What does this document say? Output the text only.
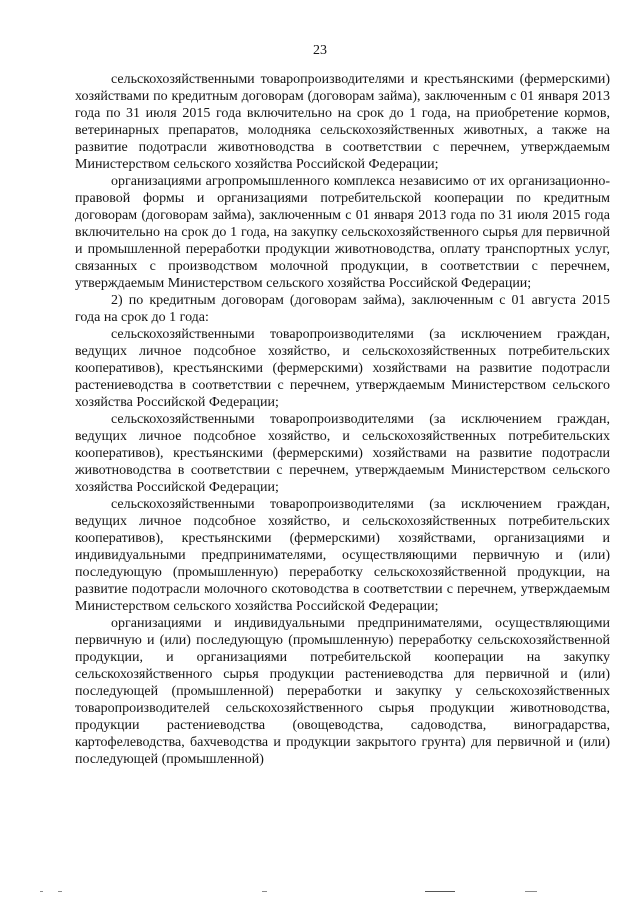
23

сельскохозяйственными товаропроизводителями и крестьянскими (фермерскими) хозяйствами по кредитным договорам (договорам займа), заключенным с 01 января 2013 года по 31 июля 2015 года включительно на срок до 1 года, на приобретение кормов, ветеринарных препаратов, молодняка сельскохозяйственных животных, а также на развитие подотрасли животноводства в соответствии с перечнем, утверждаемым Министерством сельского хозяйства Российской Федерации;

организациями агропромышленного комплекса независимо от их организационно-правовой формы и организациями потребительской кооперации по кредитным договорам (договорам займа), заключенным с 01 января 2013 года по 31 июля 2015 года включительно на срок до 1 года, на закупку сельскохозяйственного сырья для первичной и промышленной переработки продукции животноводства, оплату транспортных услуг, связанных с производством молочной продукции, в соответствии с перечнем, утверждаемым Министерством сельского хозяйства Российской Федерации;

2) по кредитным договорам (договорам займа), заключенным с 01 августа 2015 года на срок до 1 года:

сельскохозяйственными товаропроизводителями (за исключением граждан, ведущих личное подсобное хозяйство, и сельскохозяйственных потребительских кооперативов), крестьянскими (фермерскими) хозяйствами на развитие подотрасли растениеводства в соответствии с перечнем, утверждаемым Министерством сельского хозяйства Российской Федерации;

сельскохозяйственными товаропроизводителями (за исключением граждан, ведущих личное подсобное хозяйство, и сельскохозяйственных потребительских кооперативов), крестьянскими (фермерскими) хозяйствами на развитие подотрасли животноводства в соответствии с перечнем, утверждаемым Министерством сельского хозяйства Российской Федерации;

сельскохозяйственными товаропроизводителями (за исключением граждан, ведущих личное подсобное хозяйство, и сельскохозяйственных потребительских кооперативов), крестьянскими (фермерскими) хозяйствами, организациями и индивидуальными предпринимателями, осуществляющими первичную и (или) последующую (промышленную) переработку сельскохозяйственной продукции, на развитие подотрасли молочного скотоводства в соответствии с перечнем, утверждаемым Министерством сельского хозяйства Российской Федерации;

организациями и индивидуальными предпринимателями, осуществляющими первичную и (или) последующую (промышленную) переработку сельскохозяйственной продукции, и организациями потребительской кооперации на закупку сельскохозяйственного сырья продукции растениеводства для первичной и (или) последующей (промышленной) переработки и закупку у сельскохозяйственных товаропроизводителей сельскохозяйственного сырья продукции животноводства, продукции растениеводства (овощеводства, садоводства, виноградарства, картофелеводства, бахчеводства и продукции закрытого грунта) для первичной и (или) последующей (промышленной)
